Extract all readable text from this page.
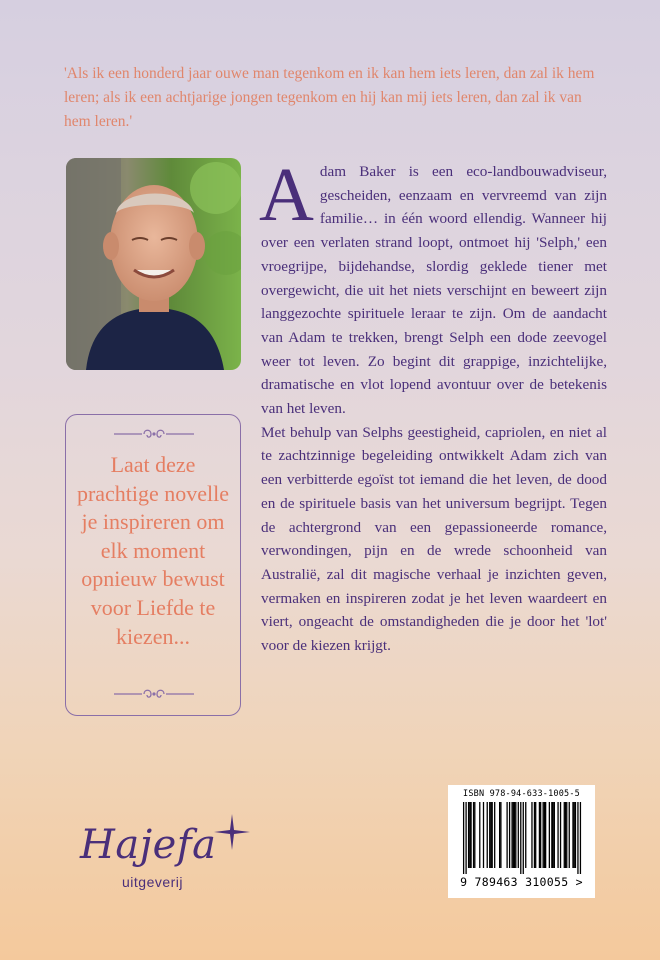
'Als ik een honderd jaar ouwe man tegenkom en ik kan hem iets leren, dan zal ik hem leren; als ik een achtjarige jongen tegenkom en hij kan mij iets leren, dan zal ik van hem leren.'

Adam Baker is een eco-landbouwadviseur, gescheiden, eenzaam en vervreemd van zijn familie… in één woord ellendig. Wanneer hij over een verlaten strand loopt, ontmoet hij 'Selph,' een vroegrijpe, bijdehandse, slordig geklede tiener met overgewicht, die uit het niets verschijnt en beweert zijn langgezochte spirituele leraar te zijn. Om de aandacht van Adam te trekken, brengt Selph een dode zeevogel weer tot leven. Zo begint dit grappige, inzichtelijke, dramatische en vlot lopend avontuur over de betekenis van het leven.

Met behulp van Selphs geestigheid, capriolen, en niet al te zachtzinnige begeleiding ontwikkelt Adam zich van een verbitterde egoïst tot iemand die het leven, de dood en de spirituele basis van het universum begrijpt. Tegen de achtergrond van een gepassioneerde romance, verwondingen, pijn en de wrede schoonheid van Australië, zal dit magische verhaal je inzichten geven, vermaken en inspireren zodat je het leven waardeert en viert, ongeacht de omstandigheden die je door het 'lot' voor de kiezen krijgt.

Laat deze prachtige novelle je inspireren om elk moment opnieuw bewust voor Liefde te kiezen...
Hajefa
uitgeverij
ISBN 978-94-633-1005-5
9 789463 310055 >
